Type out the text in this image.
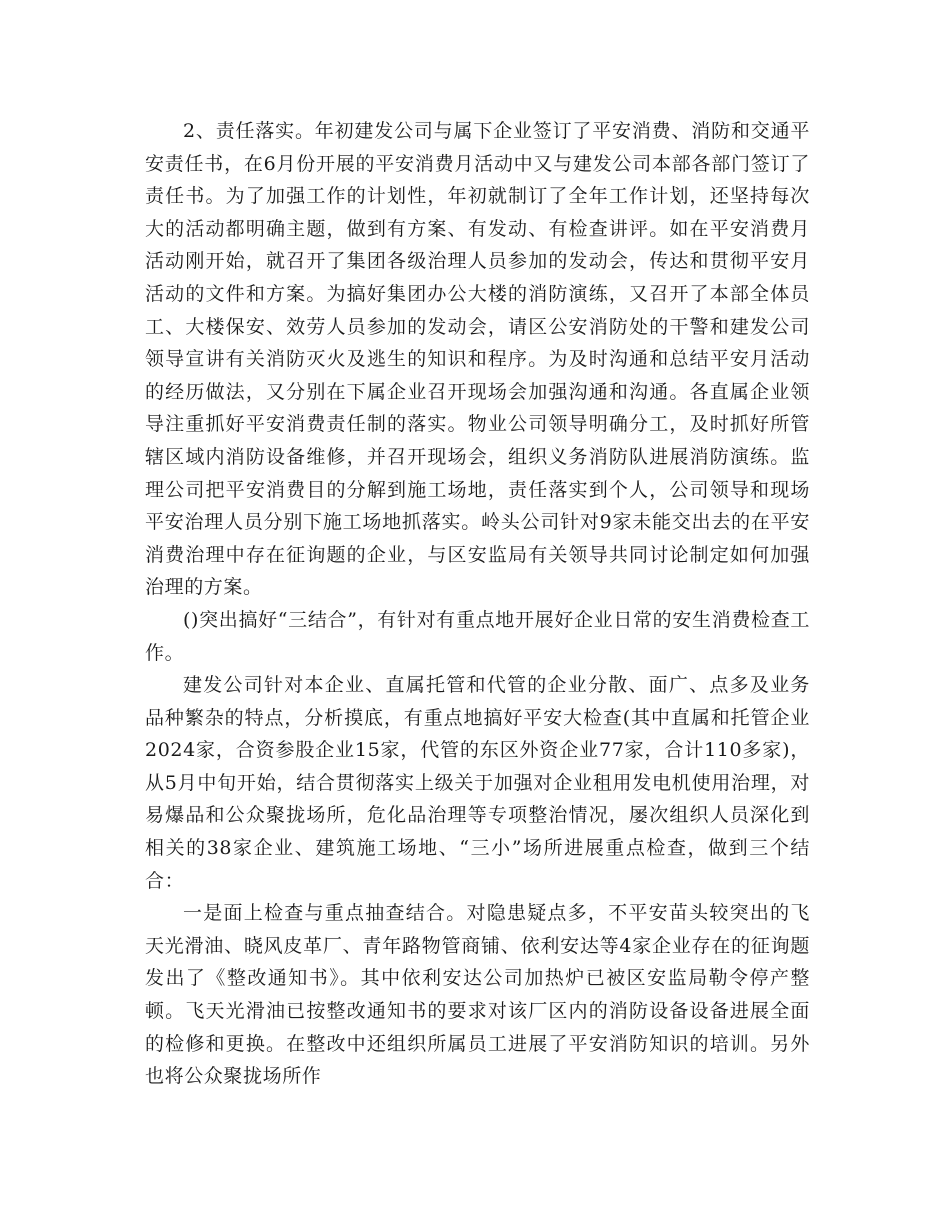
2、责任落实。年初建发公司与属下企业签订了平安消费、消防和交通平安责任书，在6月份开展的平安消费月活动中又与建发公司本部各部门签订了责任书。为了加强工作的计划性，年初就制订了全年工作计划，还坚持每次大的活动都明确主题，做到有方案、有发动、有检查讲评。如在平安消费月活动刚开始，就召开了集团各级治理人员参加的发动会，传达和贯彻平安月活动的文件和方案。为搞好集团办公大楼的消防演练，又召开了本部全体员工、大楼保安、效劳人员参加的发动会，请区公安消防处的干警和建发公司领导宣讲有关消防灭火及逃生的知识和程序。为及时沟通和总结平安月活动的经历做法，又分别在下属企业召开现场会加强沟通和沟通。各直属企业领导注重抓好平安消费责任制的落实。物业公司领导明确分工，及时抓好所管辖区域内消防设备维修，并召开现场会，组织义务消防队进展消防演练。监理公司把平安消费目的分解到施工场地，责任落实到个人，公司领导和现场平安治理人员分别下施工场地抓落实。岭头公司针对9家未能交出去的在平安消费治理中存在征询题的企业，与区安监局有关领导共同讨论制定如何加强治理的方案。

()突出搞好“三结合”，有针对有重点地开展好企业日常的安生消费检查工作。

建发公司针对本企业、直属托管和代管的企业分散、面广、点多及业务品种繁杂的特点，分析摸底，有重点地搞好平安大检查(其中直属和托管企业2024家，合资参股企业15家，代管的东区外资企业77家，合计110多家)，从5月中旬开始，结合贯彻落实上级关于加强对企业租用发电机使用治理，对易爆品和公众聚拢场所，危化品治理等专项整治情况，屡次组织人员深化到相关的38家企业、建筑施工场地、“三小”场所进展重点检查，做到三个结合：

一是面上检查与重点抽查结合。对隐患疑点多，不平安苗头较突出的飞天光滑油、晓风皮革厂、青年路物管商铺、依利安达等4家企业存在的征询题发出了《整改通知书》。其中依利安达公司加热炉已被区安监局勒令停产整顿。飞天光滑油已按整改通知书的要求对该厂区内的消防设备设备进展全面的检修和更换。在整改中还组织所属员工进展了平安消防知识的培训。另外也将公众聚拢场所作
